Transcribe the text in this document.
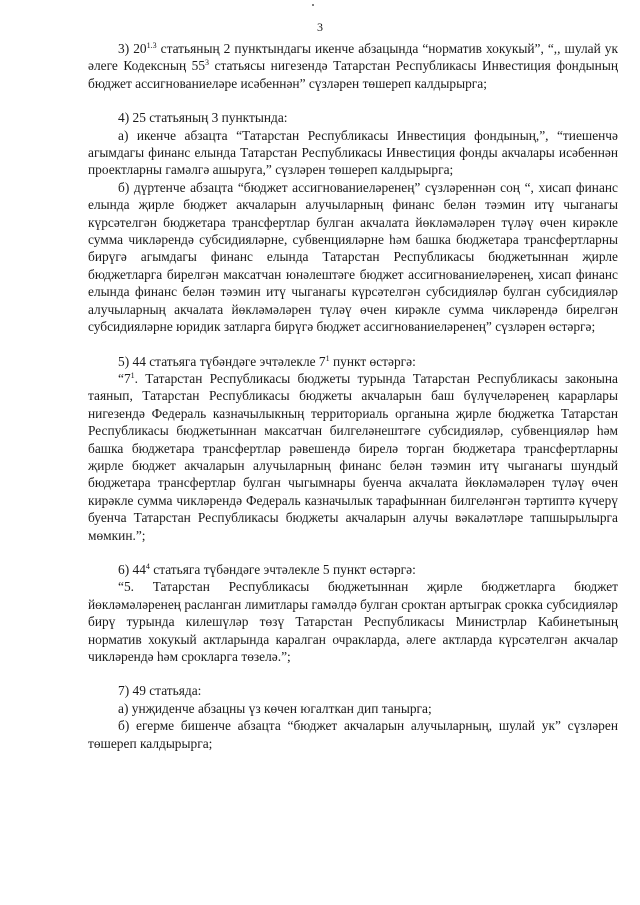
3

3) $20^{1.3}$ статьяның 2 пунктындагы икенче абзацында “норматив хокукый”, “,, шулай ук әлеге Кодексның $55^3$ статьясы нигезендә Татарстан Республикасы Инвестиция фондының бюджет ассигнованиеләре исәбеннән” сүзләрен төшереп калдырырга;

4) 25 статьяның 3 пунктында:

а) икенче абзацта “Татарстан Республикасы Инвестиция фондының,”, “тиешенчә агымдагы финанс елында Татарстан Республикасы Инвестиция фонды акчалары исәбеннән проектларны гамәлгә ашыруга,” сүзләрен төшереп калдырырга;

б) дүртенче абзацта “бюджет ассигнованиеләренең” сүзләреннән соң “, хисап финанс елында җирле бюджет акчаларын алучыларның финанс белән тәэмин итү чыганагы күрсәтелгән бюджетара трансфертлар булган акчалата йөкләмәләрен түләү өчен кирәкле сумма чикләрендә субсидияләрне, субвенцияләрне һәм башка бюджетара трансфертларны бирүгә агымдагы финанс елында Татарстан Республикасы бюджетыннан җирле бюджетларга бирелгән максатчан юнәлештәге бюджет ассигнованиеләренең, хисап финанс елында финанс белән тәэмин итү чыганагы күрсәтелгән субсидияләр булган субсидияләр алучыларның акчалата йөкләмәләрен түләү өчен кирәкле сумма чикләрендә бирелгән субсидияләрне юридик затларга бирүгә бюджет ассигнованиеләренең” сүзләрен өстәргә;

5) 44 статьяга түбәндәге эчтәлекле $7^1$ пункт өстәргә:

“$7^1$. Татарстан Республикасы бюджеты турында Татарстан Республикасы законына таянып, Татарстан Республикасы бюджеты акчаларын баш бүлүчеләренең карарлары нигезендә Федераль казначылыкның территориаль органына җирле бюджетка Татарстан Республикасы бюджетыннан максатчан билгеләнештәге субсидияләр, субвенцияләр һәм башка бюджетара трансфертлар рәвешендә бирелә торган бюджетара трансфертларны җирле бюджет акчаларын алучыларның финанс белән тәэмин итү чыганагы шундый бюджетара трансфертлар булган чыгымнары буенча акчалата йөкләмәләрен түләү өчен кирәкле сумма чикләрендә Федераль казначылык тарафыннан билгеләнгән тәртиптә күчерү буенча Татарстан Республикасы бюджеты акчаларын алучы вәкаләтләре тапшырылырга мөмкин.”;

6) $44^4$ статьяга түбәндәге эчтәлекле 5 пункт өстәргә:

“5. Татарстан Республикасы бюджетыннан җирле бюджетларга бюджет йөкләмәләренең расланган лимитлары гамәлдә булган сроктан артыграк срокка субсидияләр бирү турында килешүләр төзү Татарстан Республикасы Министрлар Кабинетының норматив хокукый актларында каралган очракларда, әлеге актларда күрсәтелгән акчалар чикләрендә һәм срокларга төзелә.”;

7) 49 статьяда:

а) унҗиденче абзацны үз көчен югалткан дип танырга;

б) егерме бишенче абзацта “бюджет акчаларын алучыларның, шулай ук” сүзләрен төшереп калдырырга;
